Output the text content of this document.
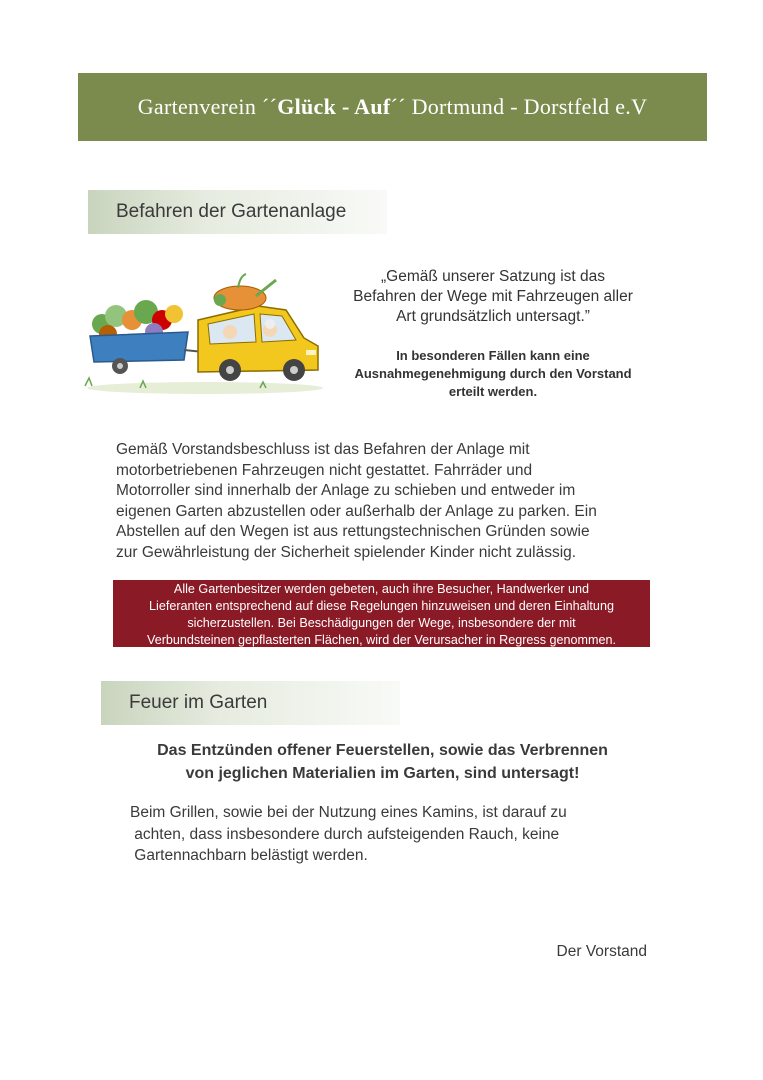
Gartenverein ´´Glück - Auf´´ Dortmund - Dorstfeld e.V
Befahren der Gartenanlage
„Gemäß unserer Satzung ist das
Befahren der Wege mit Fahrzeugen aller
Art grundsätzlich untersagt.”
In besonderen Fällen kann eine
Ausnahmegenehmigung durch den Vorstand
erteilt werden.
Gemäß Vorstandsbeschluss ist das Befahren der Anlage mit
motorbetriebenen Fahrzeugen nicht gestattet. Fahrräder und
Motorroller sind innerhalb der Anlage zu schieben und entweder im
eigenen Garten abzustellen oder außerhalb der Anlage zu parken. Ein
Abstellen auf den Wegen ist aus rettungstechnischen Gründen sowie
zur Gewährleistung der Sicherheit spielender Kinder nicht zulässig.
Alle Gartenbesitzer werden gebeten, auch ihre Besucher, Handwerker und
Lieferanten entsprechend auf diese Regelungen hinzuweisen und deren Einhaltung
sicherzustellen. Bei Beschädigungen der Wege, insbesondere der mit
Verbundsteinen gepflasterten Flächen, wird der Verursacher in Regress genommen.
Feuer im Garten
Das Entzünden offener Feuerstellen, sowie das Verbrennen
von jeglichen Materialien im Garten, sind untersagt!
Beim Grillen, sowie bei der Nutzung eines Kamins, ist darauf zu
achten, dass insbesondere durch aufsteigenden Rauch, keine
Gartennachbarn belästigt werden.
Der Vorstand
